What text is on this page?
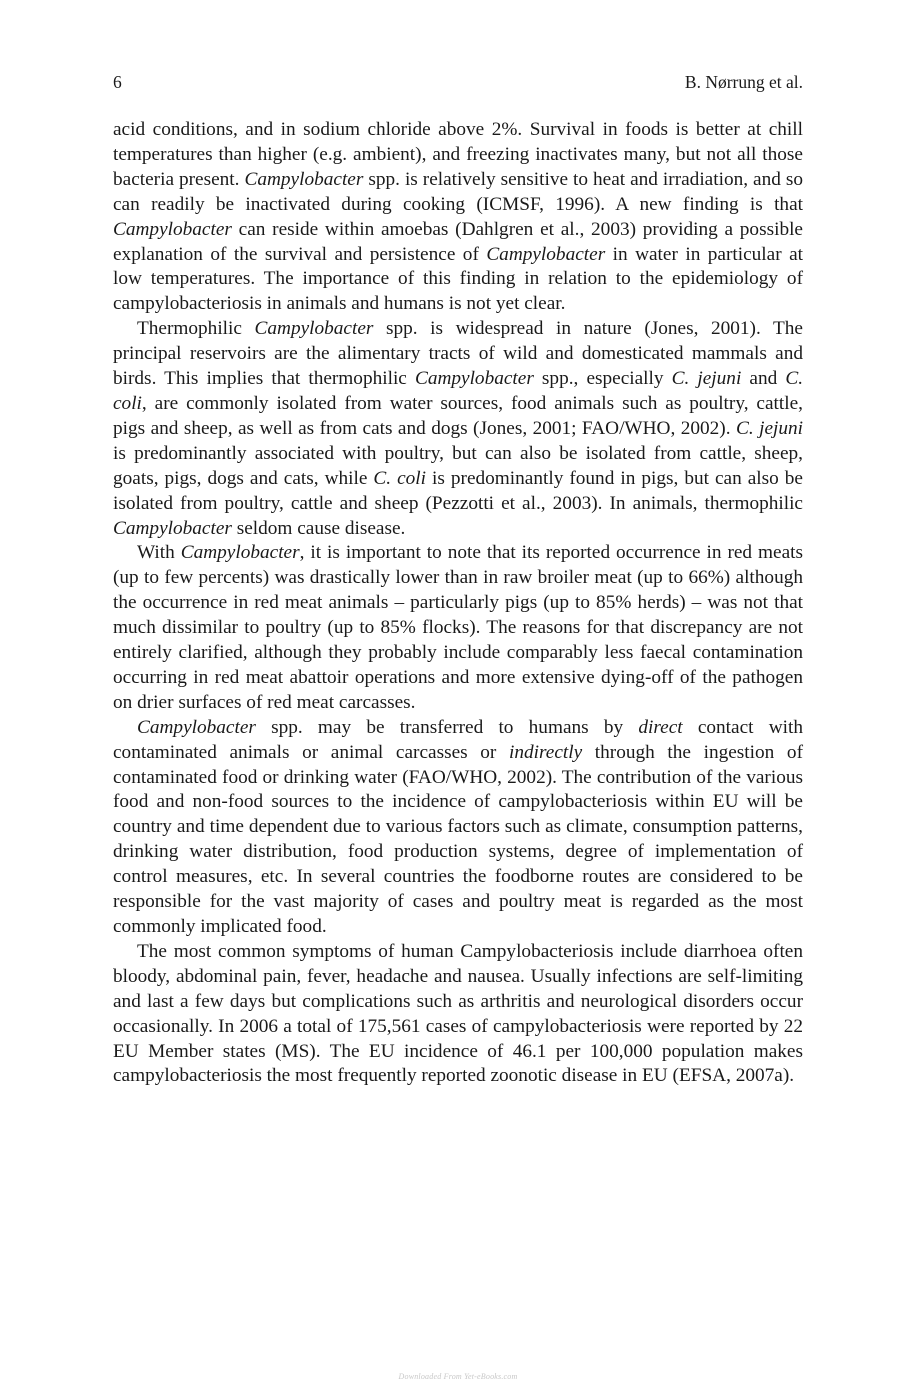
6	B. Nørrung et al.

acid conditions, and in sodium chloride above 2%. Survival in foods is better at chill temperatures than higher (e.g. ambient), and freezing inactivates many, but not all those bacteria present. Campylobacter spp. is relatively sensitive to heat and irradiation, and so can readily be inactivated during cooking (ICMSF, 1996). A new finding is that Campylobacter can reside within amoebas (Dahlgren et al., 2003) providing a possible explanation of the survival and persistence of Campylobacter in water in particular at low temperatures. The importance of this finding in relation to the epidemiology of campylobacteriosis in animals and humans is not yet clear.

Thermophilic Campylobacter spp. is widespread in nature (Jones, 2001). The principal reservoirs are the alimentary tracts of wild and domesticated mammals and birds. This implies that thermophilic Campylobacter spp., especially C. jejuni and C. coli, are commonly isolated from water sources, food animals such as poultry, cattle, pigs and sheep, as well as from cats and dogs (Jones, 2001; FAO/WHO, 2002). C. jejuni is predominantly associated with poultry, but can also be isolated from cattle, sheep, goats, pigs, dogs and cats, while C. coli is predominantly found in pigs, but can also be isolated from poultry, cattle and sheep (Pezzotti et al., 2003). In animals, thermophilic Campylobacter seldom cause disease.

With Campylobacter, it is important to note that its reported occurrence in red meats (up to few percents) was drastically lower than in raw broiler meat (up to 66%) although the occurrence in red meat animals – particularly pigs (up to 85% herds) – was not that much dissimilar to poultry (up to 85% flocks). The reasons for that discrepancy are not entirely clarified, although they probably include comparably less faecal contamination occurring in red meat abattoir operations and more extensive dying-off of the pathogen on drier surfaces of red meat carcasses.

Campylobacter spp. may be transferred to humans by direct contact with contaminated animals or animal carcasses or indirectly through the ingestion of contaminated food or drinking water (FAO/WHO, 2002). The contribution of the various food and non-food sources to the incidence of campylobacteriosis within EU will be country and time dependent due to various factors such as climate, consumption patterns, drinking water distribution, food production systems, degree of implementation of control measures, etc. In several countries the foodborne routes are considered to be responsible for the vast majority of cases and poultry meat is regarded as the most commonly implicated food.

The most common symptoms of human Campylobacteriosis include diarrhoea often bloody, abdominal pain, fever, headache and nausea. Usually infections are self-limiting and last a few days but complications such as arthritis and neurological disorders occur occasionally. In 2006 a total of 175,561 cases of campylobacteriosis were reported by 22 EU Member states (MS). The EU incidence of 46.1 per 100,000 population makes campylobacteriosis the most frequently reported zoonotic disease in EU (EFSA, 2007a).

Downloaded From Yet-eBooks.com
